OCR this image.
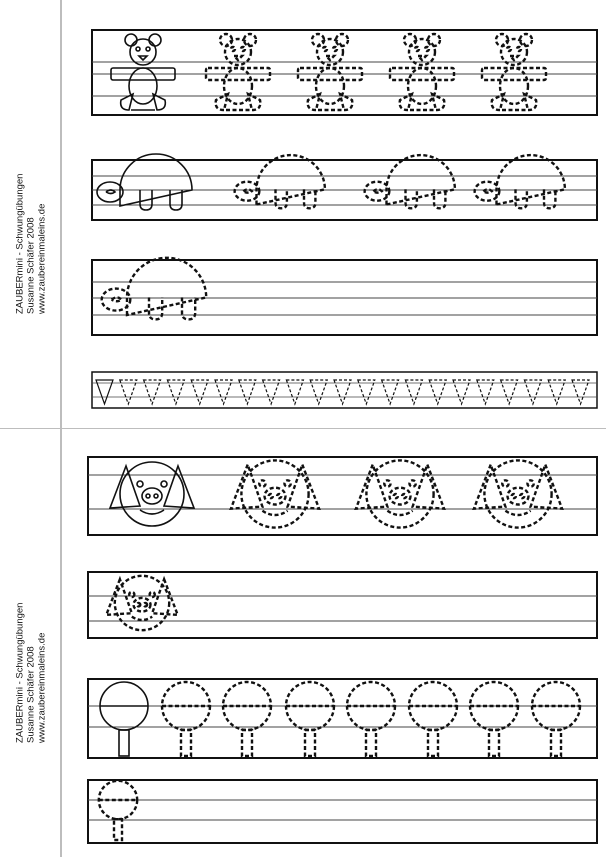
ZAUBERmini - Schwungübungen Susanne Schäfer 2008 www.zaubereinmaleins.de
ZAUBERmini - Schwungübungen Susanne Schäfer 2008 www.zaubereinmaleins.de
